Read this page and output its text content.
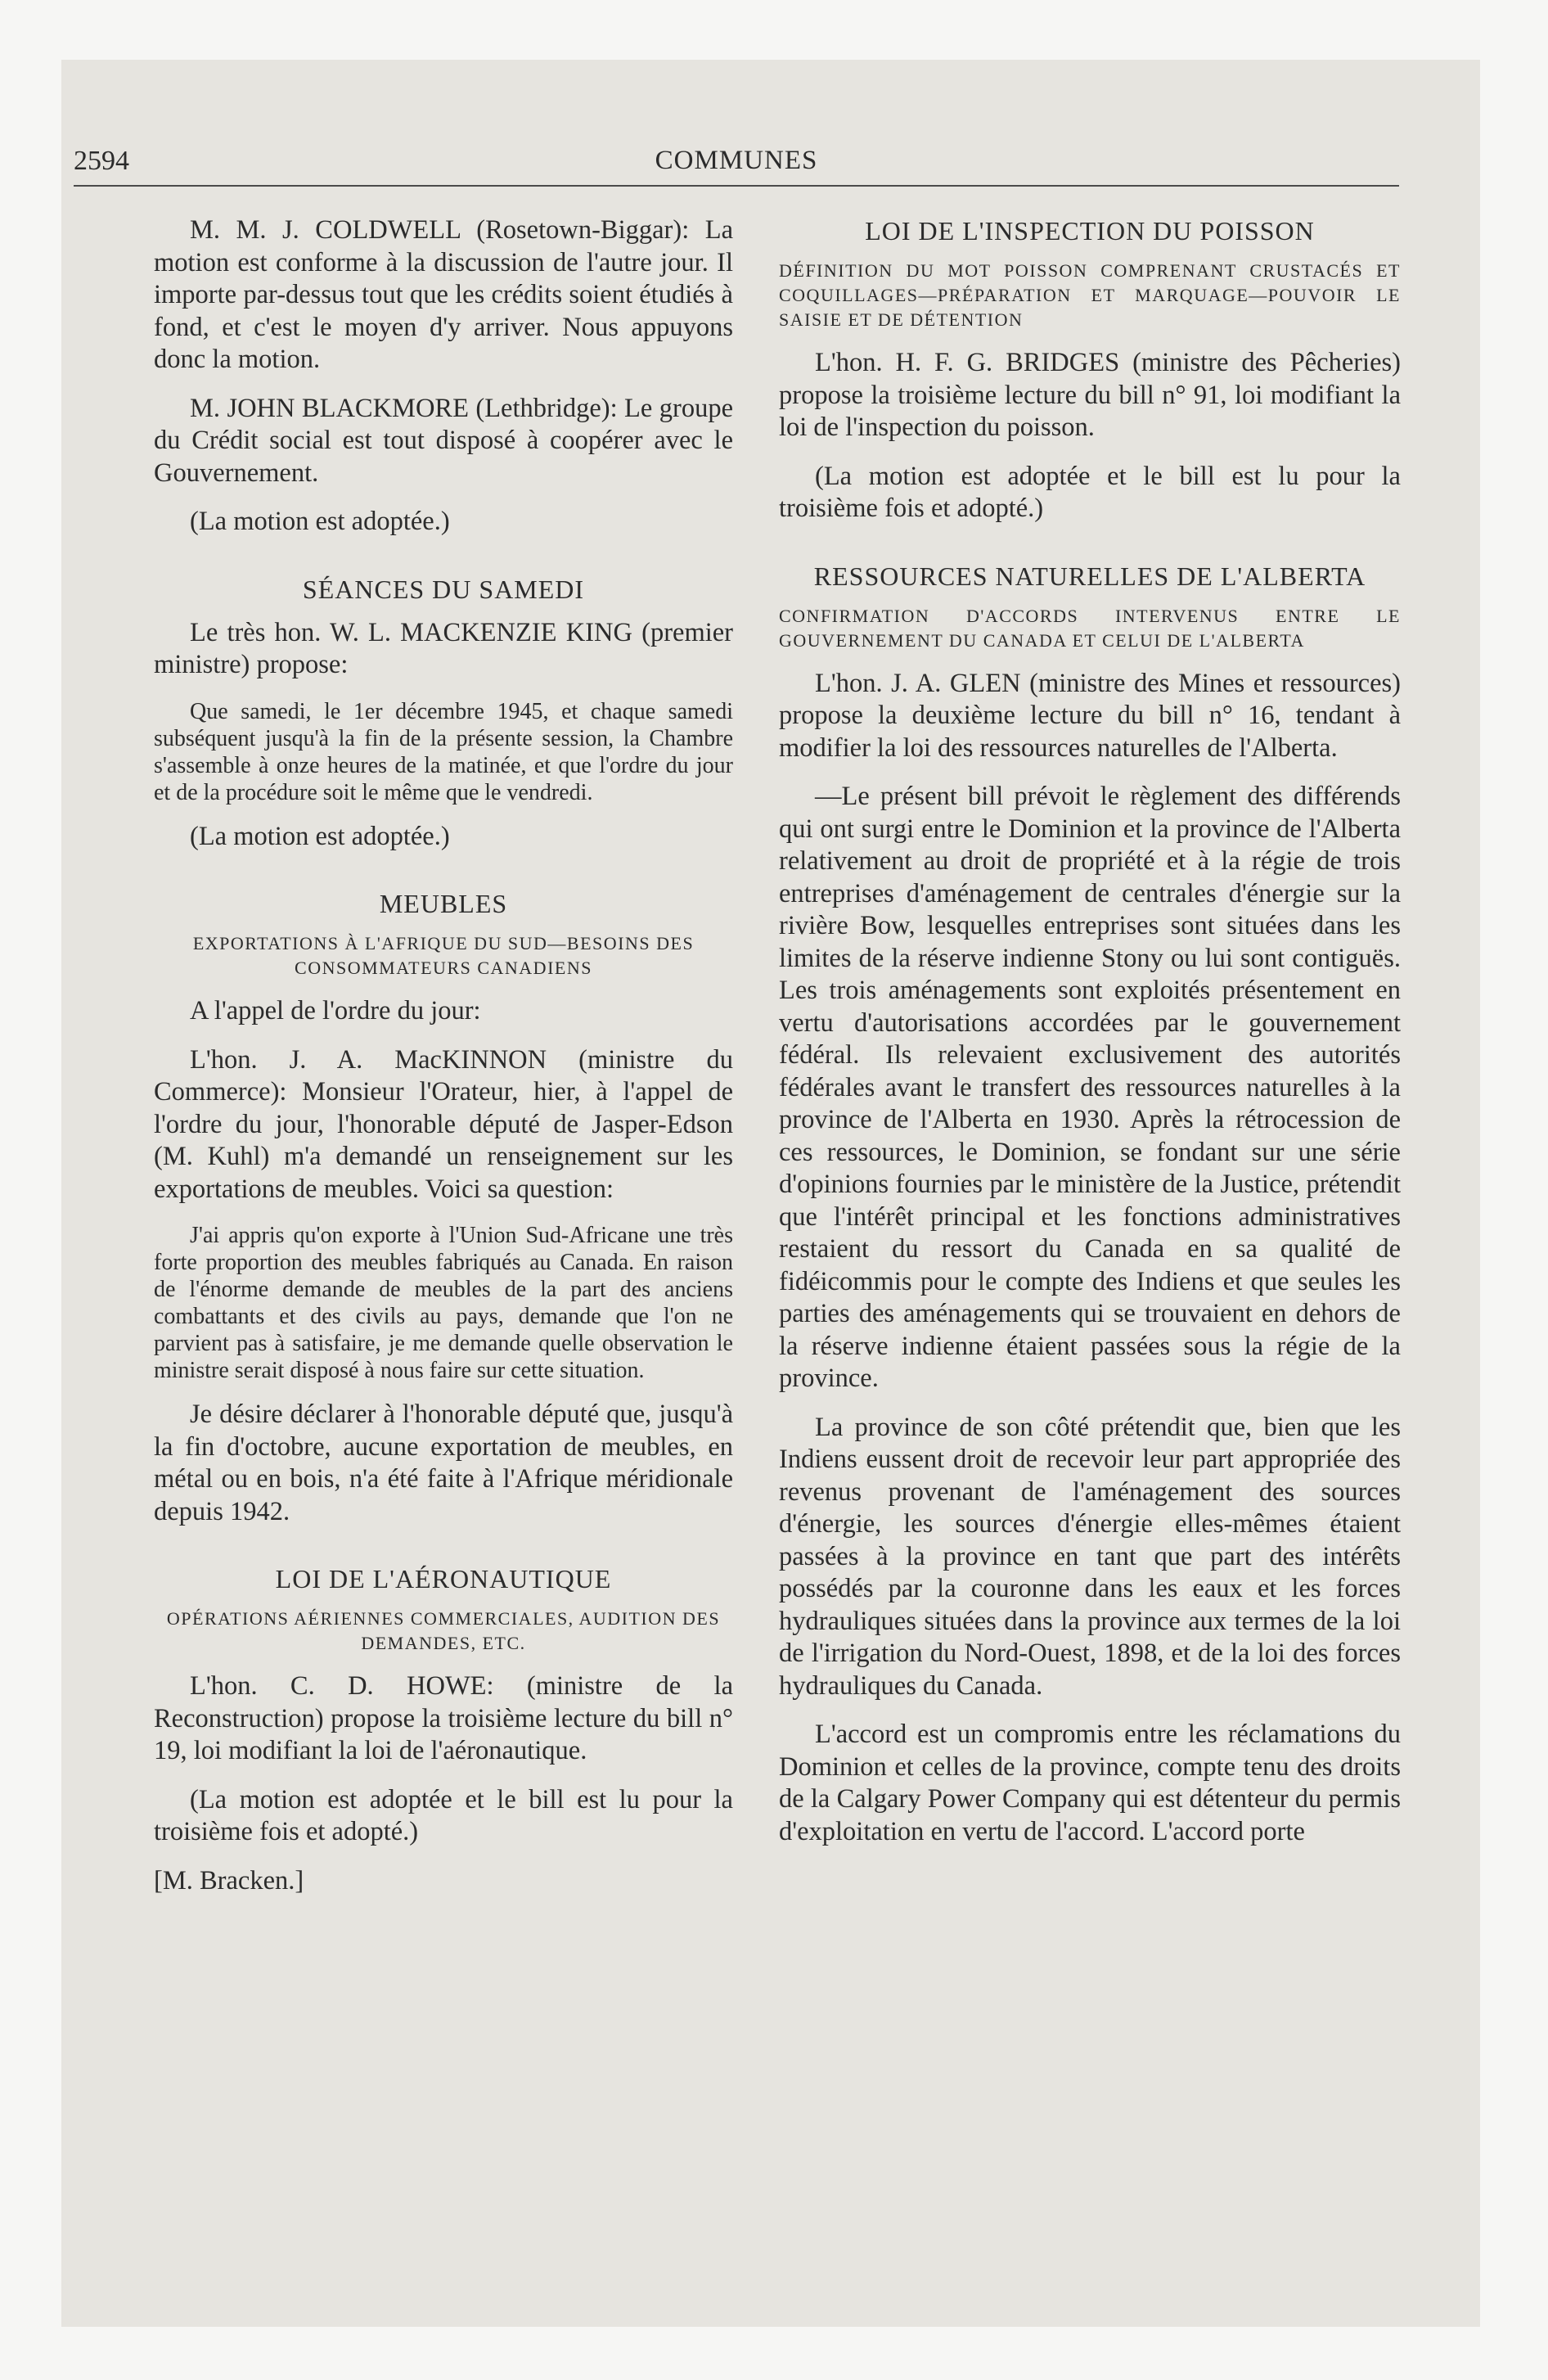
2594	COMMUNES

M. M. J. COLDWELL (Rosetown-Biggar): La motion est conforme à la discussion de l'autre jour. Il importe par-dessus tout que les crédits soient étudiés à fond, et c'est le moyen d'y arriver. Nous appuyons donc la motion.

M. JOHN BLACKMORE (Lethbridge): Le groupe du Crédit social est tout disposé à coopérer avec le Gouvernement.

(La motion est adoptée.)

SÉANCES DU SAMEDI

Le très hon. W. L. MACKENZIE KING (premier ministre) propose:

Que samedi, le 1er décembre 1945, et chaque samedi subséquent jusqu'à la fin de la présente session, la Chambre s'assemble à onze heures de la matinée, et que l'ordre du jour et de la procédure soit le même que le vendredi.

(La motion est adoptée.)

MEUBLES
EXPORTATIONS À L'AFRIQUE DU SUD—BESOINS DES CONSOMMATEURS CANADIENS

A l'appel de l'ordre du jour:

L'hon. J. A. MacKINNON (ministre du Commerce): Monsieur l'Orateur, hier, à l'appel de l'ordre du jour, l'honorable député de Jasper-Edson (M. Kuhl) m'a demandé un renseignement sur les exportations de meubles. Voici sa question:

J'ai appris qu'on exporte à l'Union Sud-Africane une très forte proportion des meubles fabriqués au Canada. En raison de l'énorme demande de meubles de la part des anciens combattants et des civils au pays, demande que l'on ne parvient pas à satisfaire, je me demande quelle observation le ministre serait disposé à nous faire sur cette situation.

Je désire déclarer à l'honorable député que, jusqu'à la fin d'octobre, aucune exportation de meubles, en métal ou en bois, n'a été faite à l'Afrique méridionale depuis 1942.

LOI DE L'AÉRONAUTIQUE
OPÉRATIONS AÉRIENNES COMMERCIALES, AUDITION DES DEMANDES, ETC.

L'hon. C. D. HOWE: (ministre de la Reconstruction) propose la troisième lecture du bill n° 19, loi modifiant la loi de l'aéronautique.

(La motion est adoptée et le bill est lu pour la troisième fois et adopté.)

[M. Bracken.]

LOI DE L'INSPECTION DU POISSON
DÉFINITION DU MOT POISSON COMPRENANT CRUSTACÉS ET COQUILLAGES—PRÉPARATION ET MARQUAGE—POUVOIR LE SAISIE ET DE DÉTENTION

L'hon. H. F. G. BRIDGES (ministre des Pêcheries) propose la troisième lecture du bill n° 91, loi modifiant la loi de l'inspection du poisson.

(La motion est adoptée et le bill est lu pour la troisième fois et adopté.)

RESSOURCES NATURELLES DE L'ALBERTA
CONFIRMATION D'ACCORDS INTERVENUS ENTRE LE GOUVERNEMENT DU CANADA ET CELUI DE L'ALBERTA

L'hon. J. A. GLEN (ministre des Mines et ressources) propose la deuxième lecture du bill n° 16, tendant à modifier la loi des ressources naturelles de l'Alberta.

—Le présent bill prévoit le règlement des différends qui ont surgi entre le Dominion et la province de l'Alberta relativement au droit de propriété et à la régie de trois entreprises d'aménagement de centrales d'énergie sur la rivière Bow, lesquelles entreprises sont situées dans les limites de la réserve indienne Stony ou lui sont contiguës. Les trois aménagements sont exploités présentement en vertu d'autorisations accordées par le gouvernement fédéral. Ils relevaient exclusivement des autorités fédérales avant le transfert des ressources naturelles à la province de l'Alberta en 1930. Après la rétrocession de ces ressources, le Dominion, se fondant sur une série d'opinions fournies par le ministère de la Justice, prétendit que l'intérêt principal et les fonctions administratives restaient du ressort du Canada en sa qualité de fidéicommis pour le compte des Indiens et que seules les parties des aménagements qui se trouvaient en dehors de la réserve indienne étaient passées sous la régie de la province.

La province de son côté prétendit que, bien que les Indiens eussent droit de recevoir leur part appropriée des revenus provenant de l'aménagement des sources d'énergie, les sources d'énergie elles-mêmes étaient passées à la province en tant que part des intérêts possédés par la couronne dans les eaux et les forces hydrauliques situées dans la province aux termes de la loi de l'irrigation du Nord-Ouest, 1898, et de la loi des forces hydrauliques du Canada.

L'accord est un compromis entre les réclamations du Dominion et celles de la province, compte tenu des droits de la Calgary Power Company qui est détenteur du permis d'exploitation en vertu de l'accord. L'accord porte
